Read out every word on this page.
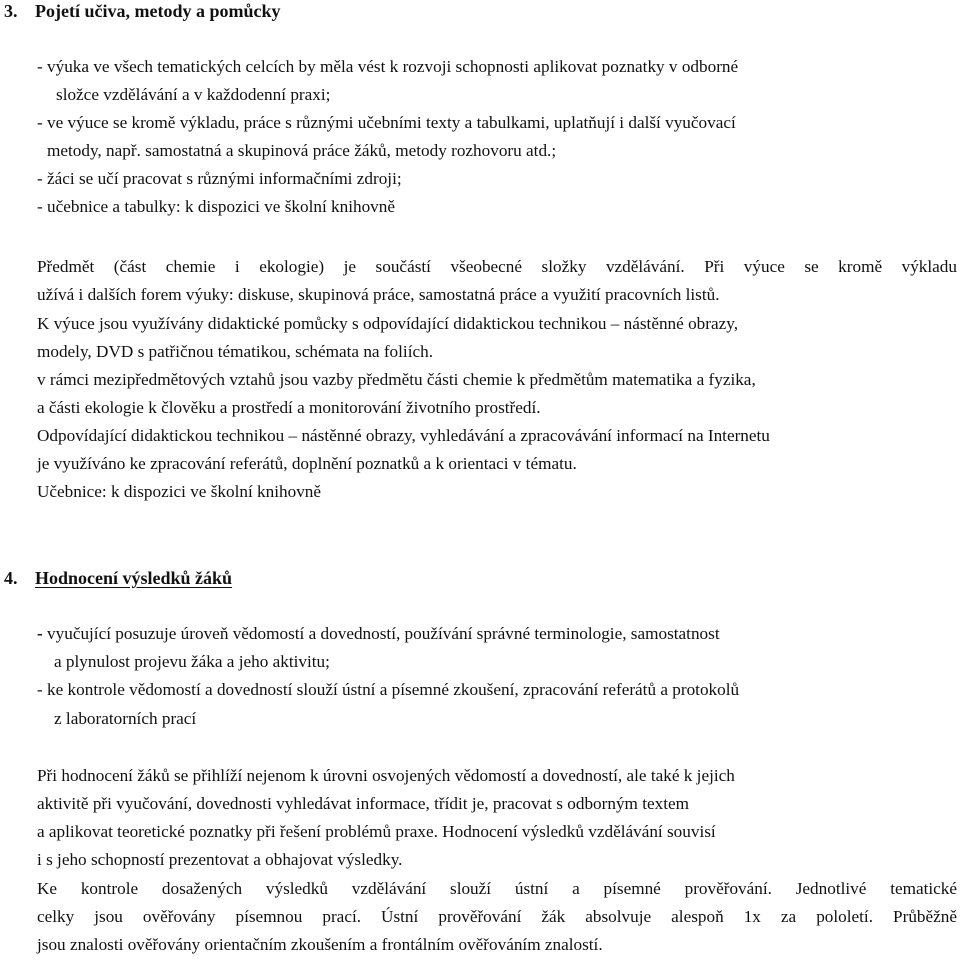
3. Pojetí učiva, metody a pomůcky
- výuka ve všech tematických celcích by měla vést k rozvoji schopnosti aplikovat poznatky v odborné
složce vzdělávání a v každodenní praxi;
- ve výuce se kromě výkladu, práce s různými učebními texty a tabulkami, uplatňují i další vyučovací
metody, např. samostatná a skupinová práce žáků, metody rozhovoru atd.;
- žáci se učí pracovat s různými informačními zdroji;
- učebnice a tabulky: k dispozici ve školní knihovně
Předmět (část chemie i ekologie) je součástí všeobecné složky vzdělávání. Při výuce se kromě výkladu
užívá i dalších forem výuky: diskuse, skupinová práce, samostatná práce a využití pracovních listů.
K výuce jsou využívány didaktické pomůcky s odpovídající didaktickou technikou – nástěnné obrazy,
modely, DVD s patřičnou tématikou, schémata na foliích.
v rámci mezipředmětových vztahů jsou vazby předmětu části chemie k předmětům matematika a fyzika,
a části ekologie k člověku a prostředí a monitorování životního prostředí.
Odpovídající didaktickou technikou – nástěnné obrazy, vyhledávání a zpracovávání informací na Internetu
je využíváno ke zpracování referátů, doplnění poznatků a k orientaci v tématu.
Učebnice: k dispozici ve školní knihovně
4. Hodnocení výsledků žáků
- vyučující posuzuje úroveň vědomostí a dovedností, používání správné terminologie, samostatnost
a plynulost projevu žáka a jeho aktivitu;
- ke kontrole vědomostí a dovedností slouží ústní a písemné zkoušení, zpracování referátů a protokolů
z laboratorních prací
Při hodnocení žáků se přihlíží nejenom k úrovni osvojených vědomostí a dovedností, ale také k jejich
aktivitě při vyučování, dovednosti vyhledávat informace, třídit je, pracovat s odborným textem
a aplikovat teoretické poznatky při řešení problémů praxe. Hodnocení výsledků vzdělávání souvisí
i s jeho schopností prezentovat a obhajovat výsledky.
Ke kontrole dosažených výsledků vzdělávání slouží ústní a písemné prověřování. Jednotlivé tematické
celky jsou ověřovány písemnou prací. Ústní prověřování žák absolvuje alespoň 1x za pololetí. Průběžně
jsou znalosti ověřovány orientačním zkoušením a frontálním ověřováním znalostí.
